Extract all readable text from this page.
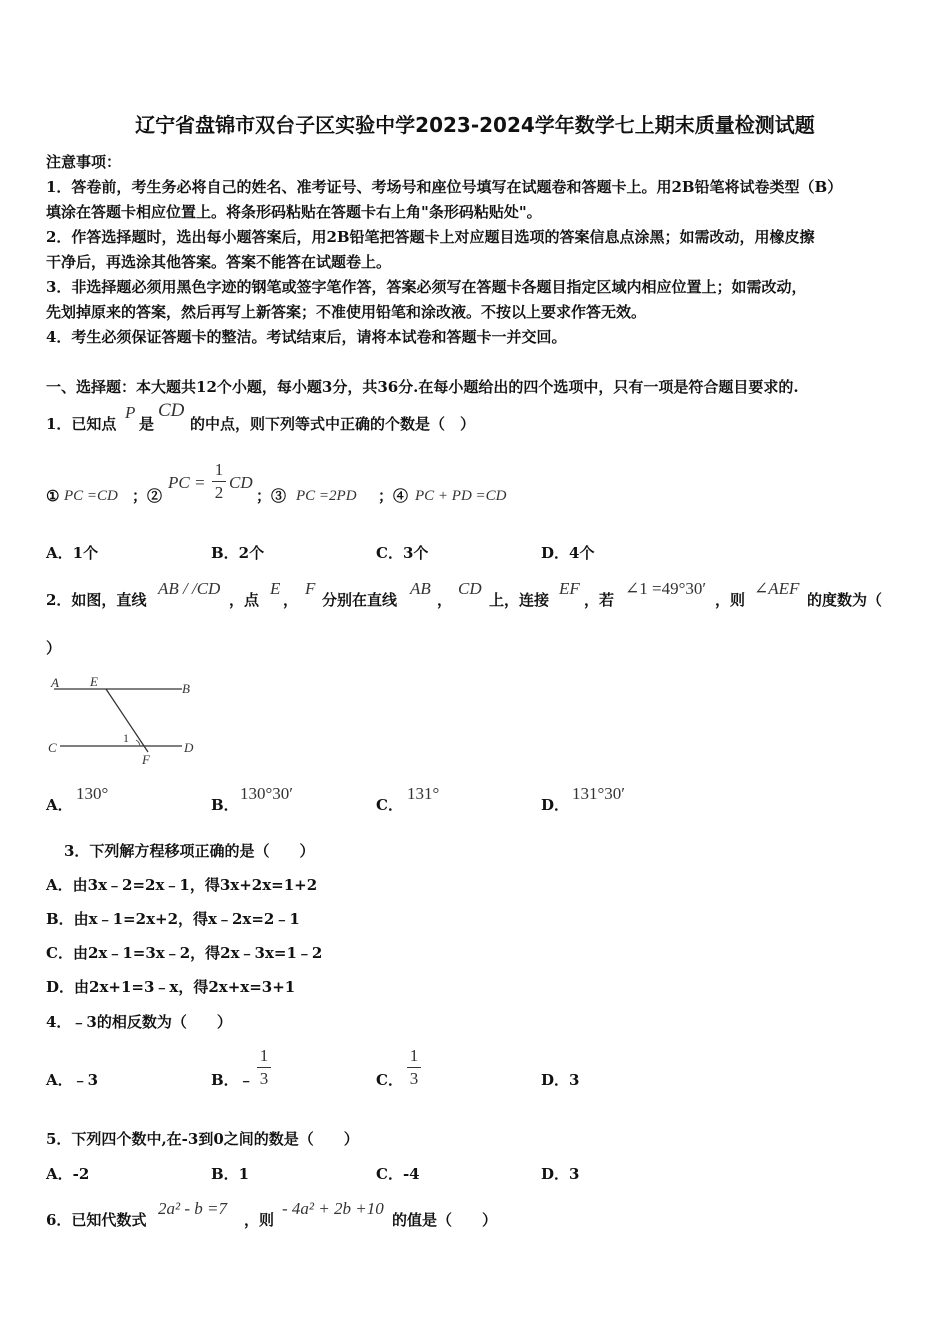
辽宁省盘锦市双台子区实验中学2023-2024学年数学七上期末质量检测试题
注意事项：
1．答卷前，考生务必将自己的姓名、准考证号、考场号和座位号填写在试题卷和答题卡上。用2B铅笔将试卷类型（B）
填涂在答题卡相应位置上。将条形码粘贴在答题卡右上角"条形码粘贴处"。
2．作答选择题时，选出每小题答案后，用2B铅笔把答题卡上对应题目选项的答案信息点涂黑；如需改动，用橡皮擦
干净后，再选涂其他答案。答案不能答在试题卷上。
3．非选择题必须用黑色字迹的钢笔或签字笔作答，答案必须写在答题卡各题目指定区域内相应位置上；如需改动，
先划掉原来的答案，然后再写上新答案；不准使用铅笔和涂改液。不按以上要求作答无效。
4．考生必须保证答题卡的整洁。考试结束后，请将本试卷和答题卡一并交回。
一、选择题：本大题共12个小题，每小题3分，共36分.在每小题给出的四个选项中，只有一项是符合题目要求的.
1．已知点
P
是
CD
的中点，则下列等式中正确的个数是（　）
① PC =CD ；②
PC =
1
2
CD
；③ PC =2PD ；④ PC + PD =CD
A．1个	B．2个	C．3个	D．4个
2．如图，直线
AB / /CD
，点
E
，
F
分别在直线
AB
，
CD
上，连接
EF
，若
∠1 =49°30′
，则
∠AEF
的度数为（
）
A E	B
C
1
F
D
A．
130°
B．
130°30′
C．
131°
D．
131°30′
3．下列解方程移项正确的是（　　）
A．由3x﹣2=2x﹣1，得3x+2x=1+2
B．由x﹣1=2x+2，得x﹣2x=2﹣1
C．由2x﹣1=3x﹣2，得2x﹣3x=1﹣2
D．由2x+1=3﹣x，得2x+x=3+1
4．﹣3的相反数为（　　）
A．﹣3	B．﹣
1
3	C．
1
3	D．3
5．下列四个数中,在-3到0之间的数是（　　）
A．-2	B．1	C．-4	D．3
6．已知代数式
2a² - b =7
，则
- 4a² + 2b +10
的值是（　　）
